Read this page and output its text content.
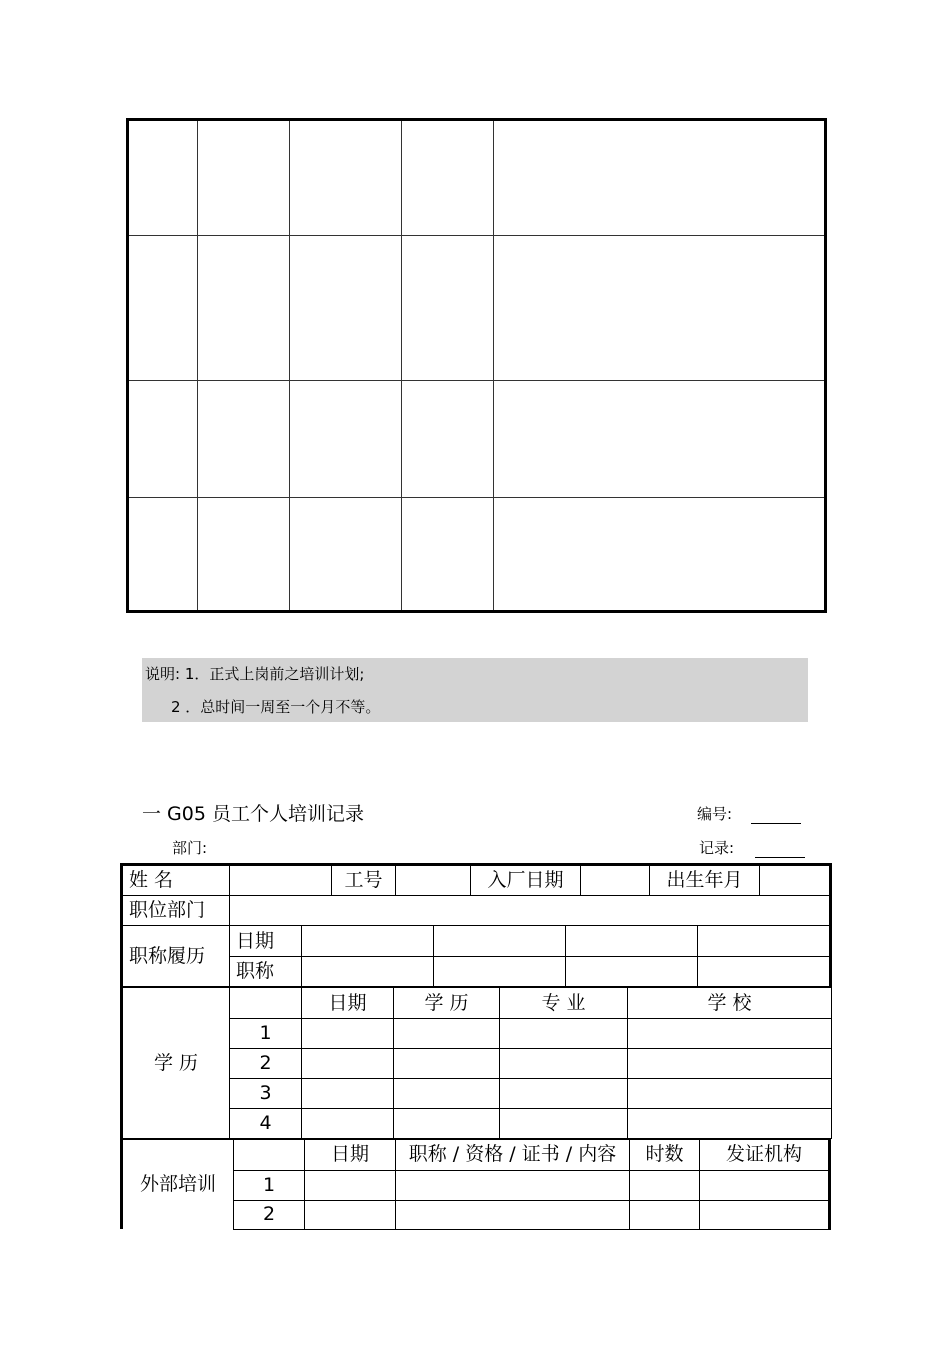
说明: 1．正式上岗前之培训计划;
2 ．总时间一周至一个月不等。
一 G05 员工个人培训记录	编号:
部门:	记录:
姓 名		工号		入厂日期		出生年月	
职位部门							
职称履历	日期				
	职称				
学 历		日期	学 历	专 业	学 校
	1				
	2				
	3				
	4				
外部培训		日期	职称 / 资格 / 证书 / 内容	时数	发证机构
	1				
	2				
